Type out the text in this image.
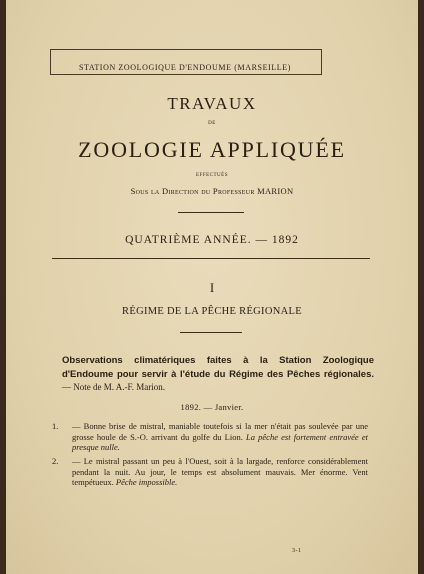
STATION ZOOLOGIQUE D'ENDOUME (MARSEILLE)
TRAVAUX
DE
ZOOLOGIE APPLIQUÉE
EFFECTUÉS
Sous la Direction du Professeur MARION
QUATRIÈME ANNÉE. — 1892
I
RÉGIME DE LA PÊCHE RÉGIONALE
Observations climatériques faites à la Station Zoologique d'Endoume pour servir à l'étude du Régime des Pêches régionales. — Note de M. A.-F. Marion.
1892. — Janvier.
1. — Bonne brise de mistral, maniable toutefois si la mer n'était pas soulevée par une grosse houle de S.-O. arrivant du golfe du Lion. La pêche est fortement entravée et presque nulle.
2. — Le mistral passant un peu à l'Ouest, soit à la largade, renforce considérablement pendant la nuit. Au jour, le temps est absolument mauvais. Mer énorme. Vent tempétueux. Pêche impossible.
3-1
